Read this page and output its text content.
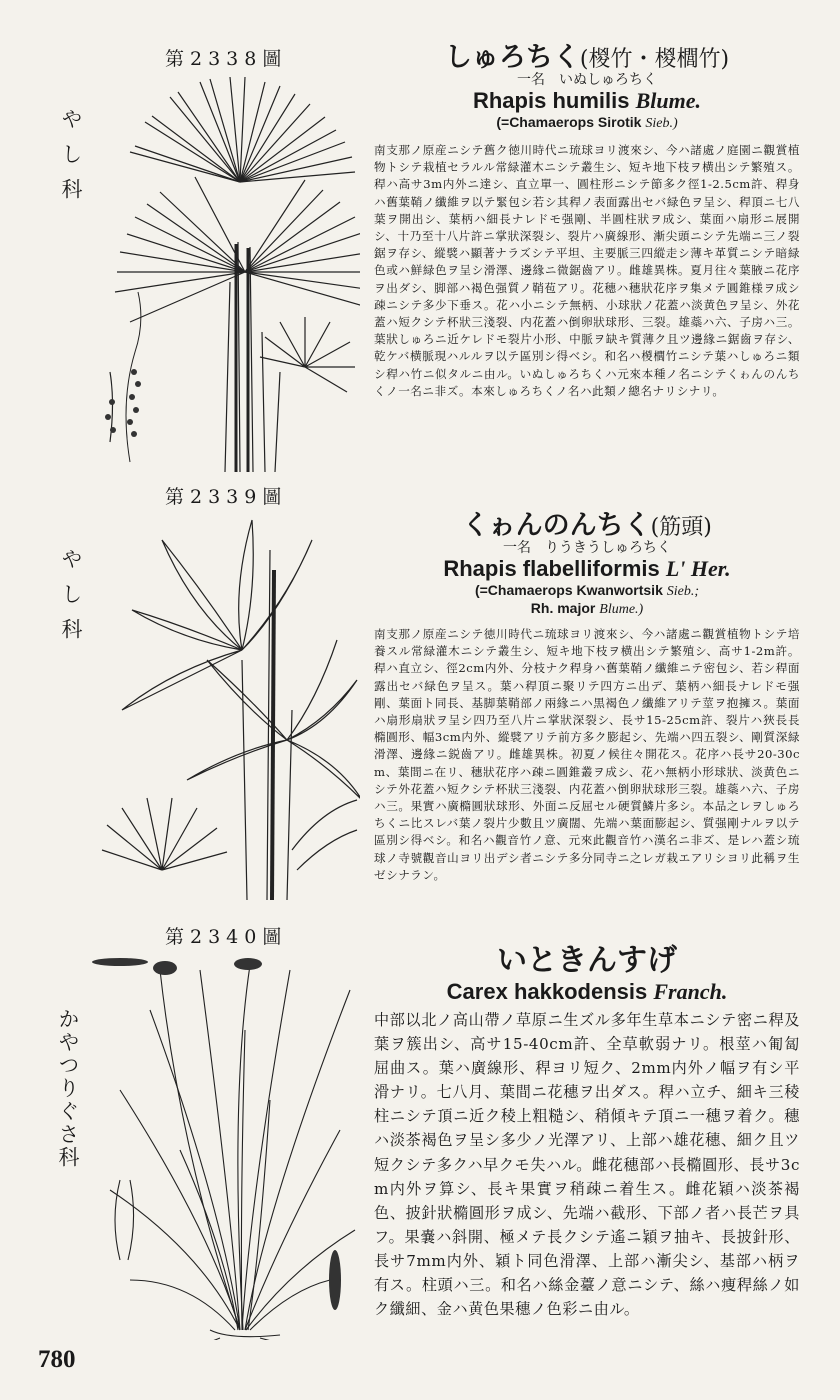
第2338圖
やし科
しゅろちく(椶竹・椶櫚竹)
一名　いぬしゅろちく
Rhapis humilis Blume.
(=Chamaerops Sirotik Sieb.)
南支那ノ原産ニシテ舊ク徳川時代ニ琉球ヨリ渡來シ、今ハ諸處ノ庭園ニ觀賞植物トシテ栽植セラルル常緑灌木ニシテ叢生シ、短キ地下枝ヲ横出シテ繁殖ス。稈ハ高サ3m内外ニ達シ、直立單一、圓柱形ニシテ節多ク徑1-2.5cm許、稈身ハ舊葉鞘ノ纖維ヲ以テ緊包シ若シ其稈ノ表面露出セバ緑色ヲ呈シ、稈頂ニ七八葉ヲ開出シ、葉柄ハ細長ナレドモ强剛、半圓柱狀ヲ成シ、葉面ハ扇形ニ展開シ、十乃至十八片許ニ掌狀深裂シ、裂片ハ廣線形、漸尖頭ニシテ先端ニ三ノ裂鋸ヲ存シ、縱襞ハ顯著ナラズシテ平坦、主要脈三四縱走シ薄キ革質ニシテ暗緑色或ハ鮮緑色ヲ呈シ滑澤、邊緣ニ微鋸齒アリ。雌雄異株。夏月往々葉腋ニ花序ヲ出ダシ、脚部ハ褐色强質ノ鞘苞アリ。花穗ハ穗狀花序ヲ集メテ圓錐様ヲ成シ疎ニシテ多少下垂ス。花ハ小ニシテ無柄、小球狀ノ花蓋ハ淡黄色ヲ呈シ、外花蓋ハ短クシテ杯狀三淺裂、内花蓋ハ倒卵狀球形、三裂。雄蘂ハ六、子房ハ三。葉狀しゅろニ近ケレドモ裂片小形、中脈ヲ缺キ質薄ク且ツ邊緣ニ鋸齒ヲ存シ、乾ケバ横脈現ハルルヲ以テ區別シ得ベシ。和名ハ椶櫚竹ニシテ葉ハしゅろニ類シ稈ハ竹ニ似タルニ由ル。いぬしゅろちくハ元來本種ノ名ニシテくゎんのんちくノ一名ニ非ズ。本來しゅろちくノ名ハ此類ノ總名ナリシナリ。
第2339圖
やし科
くゎんのんちく(筋頭)
一名　りうきうしゅろちく
Rhapis flabelliformis L' Her.
(=Chamaerops Kwanwortsik Sieb.;
Rh. major Blume.)
南支那ノ原産ニシテ徳川時代ニ琉球ヨリ渡來シ、今ハ諸處ニ觀賞植物トシテ培養スル常緑灌木ニシテ叢生シ、短キ地下枝ヲ横出シテ繁殖シ、高サ1-2m許。稈ハ直立シ、徑2cm内外、分枝ナク稈身ハ舊葉鞘ノ纖維ニテ密包シ、若シ稈面露出セバ緑色ヲ呈ス。葉ハ稈頂ニ聚リテ四方ニ出デ、葉柄ハ細長ナレドモ强剛、葉面ト同長、基脚葉鞘部ノ兩緣ニハ黒褐色ノ纖維アリテ莖ヲ抱擁ス。葉面ハ扇形扇狀ヲ呈シ四乃至八片ニ掌狀深裂シ、長サ15-25cm許、裂片ハ狹長長橢圓形、幅3cm内外、縱襞アリテ前方多ク膨起シ、先端ハ四五裂シ、剛質深緑滑澤、邊緣ニ鋭齒アリ。雌雄異株。初夏ノ候往々開花ス。花序ハ長サ20-30cm、葉間ニ在リ、穗狀花序ハ疎ニ圓錐叢ヲ成シ、花ハ無柄小形球狀、淡黄色ニシテ外花蓋ハ短クシテ杯狀三淺裂、内花蓋ハ倒卵狀球形三裂。雄蘂ハ六、子房ハ三。果實ハ廣橢圓狀球形、外面ニ反屈セル硬質鱗片多シ。本品之レヲしゅろちくニ比スレバ葉ノ裂片少數且ツ廣闊、先端ハ葉面膨起シ、質强剛ナルヲ以テ區別シ得ベシ。和名ハ觀音竹ノ意、元來此觀音竹ハ漢名ニ非ズ、是レハ蓋シ琉球ノ寺號觀音山ヨリ出デシ者ニシテ多分同寺ニ之レガ栽エアリシヨリ此稱ヲ生ゼシナラン。
第2340圖
かやつりぐさ科
いときんすげ
Carex hakkodensis Franch.
中部以北ノ高山帶ノ草原ニ生ズル多年生草本ニシテ密ニ稈及葉ヲ簇出シ、高サ15-40cm許、全草軟弱ナリ。根莖ハ匍匐屈曲ス。葉ハ廣線形、稈ヨリ短ク、2mm内外ノ幅ヲ有シ平滑ナリ。七八月、葉間ニ花穗ヲ出ダス。稈ハ立チ、細キ三稜柱ニシテ頂ニ近ク稜上粗糙シ、稍傾キテ頂ニ一穗ヲ着ク。穗ハ淡茶褐色ヲ呈シ多少ノ光澤アリ、上部ハ雄花穗、細ク且ツ短クシテ多クハ早クモ失ハル。雌花穗部ハ長橢圓形、長サ3cm内外ヲ算シ、長キ果實ヲ稍疎ニ着生ス。雌花穎ハ淡茶褐色、披針狀橢圓形ヲ成シ、先端ハ截形、下部ノ者ハ長芒ヲ具フ。果嚢ハ斜開、極メテ長クシテ遙ニ穎ヲ抽キ、長披針形、長サ7mm内外、穎ト同色滑澤、上部ハ漸尖シ、基部ハ柄ヲ有ス。柱頭ハ三。和名ハ絲金薹ノ意ニシテ、絲ハ痩稈絲ノ如ク纖細、金ハ黄色果穗ノ色彩ニ由ル。
780
